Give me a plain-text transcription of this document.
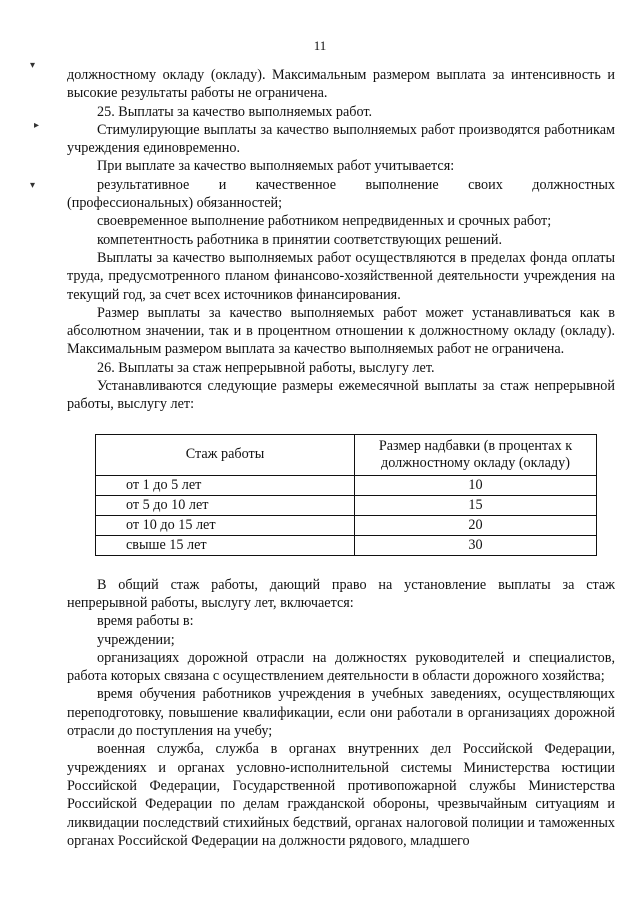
11
▾
▸
▾

должностному окладу (окладу). Максимальным размером выплата за интенсивность и высокие результаты работы не ограничена.

25. Выплаты за качество выполняемых работ.

Стимулирующие выплаты за качество выполняемых работ производятся работникам учреждения единовременно.

При выплате за качество выполняемых работ учитывается:

результативное и качественное выполнение своих должностных (профессиональных) обязанностей;

своевременное выполнение работником непредвиденных и срочных работ;

компетентность работника в принятии соответствующих решений.

Выплаты за качество выполняемых работ осуществляются в пределах фонда оплаты труда, предусмотренного планом финансово-хозяйственной деятельности учреждения на текущий год, за счет всех источников финансирования.

Размер выплаты за качество выполняемых работ может устанавливаться как в абсолютном значении, так и в процентном отношении к должностному окладу (окладу). Максимальным размером выплата за качество выполняемых работ не ограничена.

26. Выплаты за стаж непрерывной работы, выслугу лет.

Устанавливаются следующие размеры ежемесячной выплаты за стаж непрерывной работы, выслугу лет:

Стаж работы	Размер надбавки (в процентах к должностному окладу (окладу)
от 1 до 5 лет	10
от 5 до 10 лет	15
от 10 до 15 лет	20
свыше 15 лет	30

В общий стаж работы, дающий право на установление выплаты за стаж непрерывной работы, выслугу лет, включается:

время работы в:

учреждении;

организациях дорожной отрасли на должностях руководителей и специалистов, работа которых связана с осуществлением деятельности в области дорожного хозяйства;

время обучения работников учреждения в учебных заведениях, осуществляющих переподготовку, повышение квалификации, если они работали в организациях дорожной отрасли до поступления на учебу;

военная служба, служба в органах внутренних дел Российской Федерации, учреждениях и органах условно-исполнительной системы Министерства юстиции Российской Федерации, Государственной противопожарной службы Министерства Российской Федерации по делам гражданской обороны, чрезвычайным ситуациям и ликвидации последствий стихийных бедствий, органах налоговой полиции и таможенных органах Российской Федерации на должности рядового, младшего
